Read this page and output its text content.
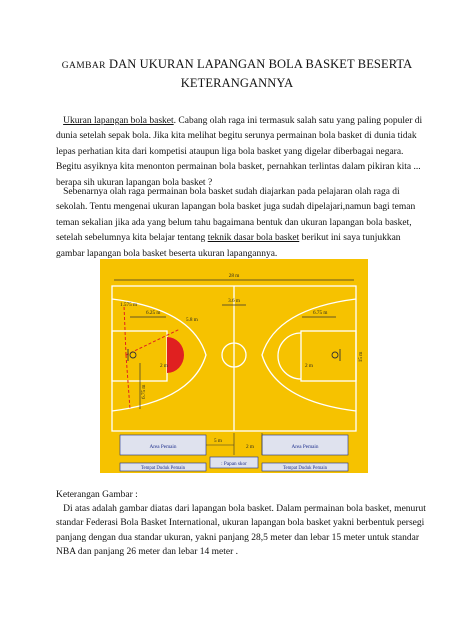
GAMBAR DAN UKURAN LAPANGAN BOLA BASKET BESERTA
KETERANGANNYA
Ukuran lapangan bola basket. Cabang olah raga ini termasuk salah satu yang paling populer di dunia setelah sepak bola. Jika kita melihat begitu serunya permainan bola basket di dunia tidak lepas perhatian kita dari kompetisi ataupun liga bola basket yang digelar diberbagai negara. Begitu asyiknya kita menonton permainan bola basket, pernahkan terlintas dalam pikiran kita ... berapa sih ukuran lapangan bola basket ?
Sebenarnya olah raga permainan bola basket sudah diajarkan pada pelajaran olah raga di sekolah. Tentu mengenai ukuran lapangan bola basket juga sudah dipelajari,namun bagi teman teman sekalian jika ada yang belum tahu bagaimana bentuk dan ukuran lapangan bola basket, setelah sebelumnya kita belajar tentang teknik dasar bola basket berikut ini saya tunjukkan gambar lapangan bola basket beserta ukuran lapangannya.
28 m
3.6 m
1.575 m
6.25 m
5.8 m
6.75 m
2 m	2 m
6.75 m
15 m
Area Pemain	Area Pemain
Tempat Duduk Pemain	Tempat Duduk Pemain
: Papan skor
5 m
2 m
Keterangan Gambar :
Di atas adalah gambar diatas dari lapangan bola basket. Dalam permainan bola basket, menurut standar Federasi Bola Basket International, ukuran lapangan bola basket yakni berbentuk persegi panjang dengan dua standar ukuran, yakni panjang 28,5 meter dan lebar 15 meter untuk standar NBA dan panjang 26 meter dan lebar 14 meter .
